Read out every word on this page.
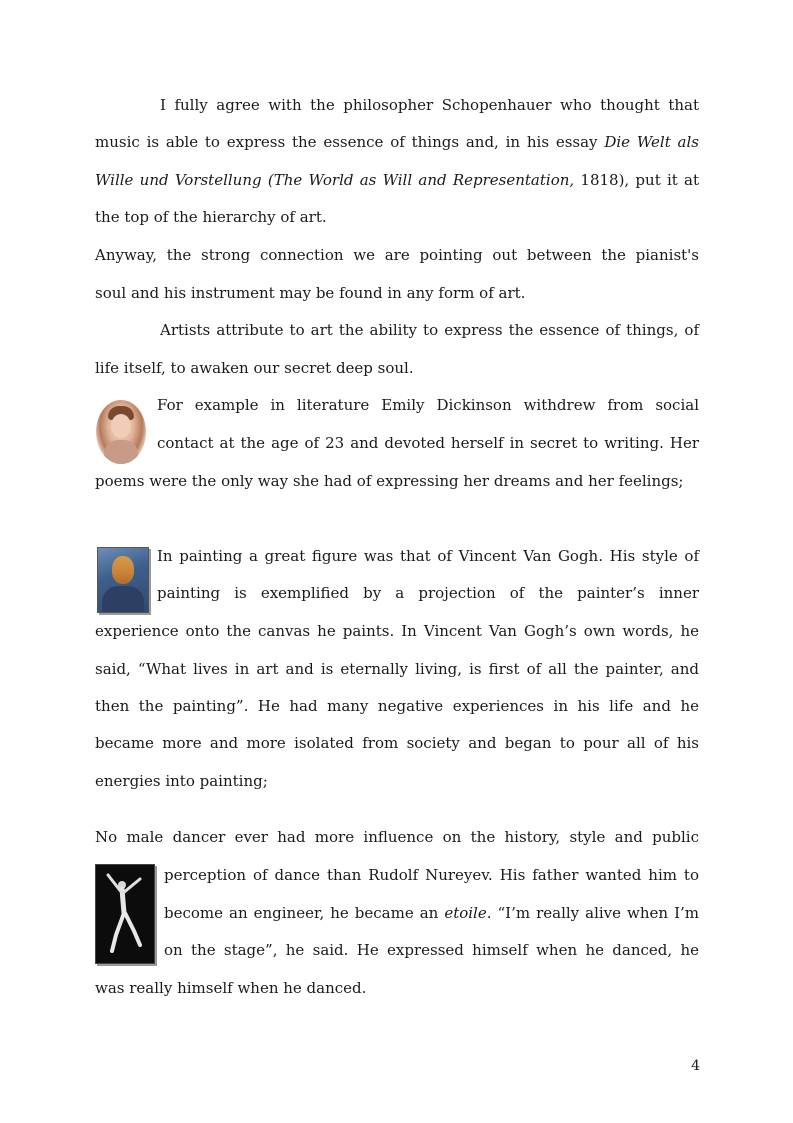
I fully agree with the philosopher Schopenhauer who thought that
music is able to express the essence of things and, in his essay Die Welt als
Wille und Vorstellung (The World as Will and Representation, 1818), put it at
the top of the hierarchy of art.
Anyway, the strong connection we are pointing out between the pianist's
soul and his instrument may be found in any form of art.
Artists attribute to art the ability to express the essence of things, of
life itself, to awaken our secret deep soul.
For example in literature Emily Dickinson withdrew from social
contact at the age of 23 and devoted herself in secret to writing. Her
poems were the only way she had of expressing her dreams and her feelings;
In painting a great figure was that of Vincent Van Gogh. His style of
painting is exemplified by a projection of the painter’s inner
experience onto the canvas he paints. In Vincent Van Gogh’s own words, he
said, “What lives in art and is eternally living, is first of all the painter, and
then the painting”. He had many negative experiences in his life and he
became more and more isolated from society and began to pour all of his
energies into painting;
No male dancer ever had more influence on the history, style and public
perception of dance than Rudolf Nureyev. His father wanted him to
become an engineer, he became an etoile. “I’m really alive when I’m
on the stage”, he said. He expressed himself when he danced, he
was really himself when he danced.
4
